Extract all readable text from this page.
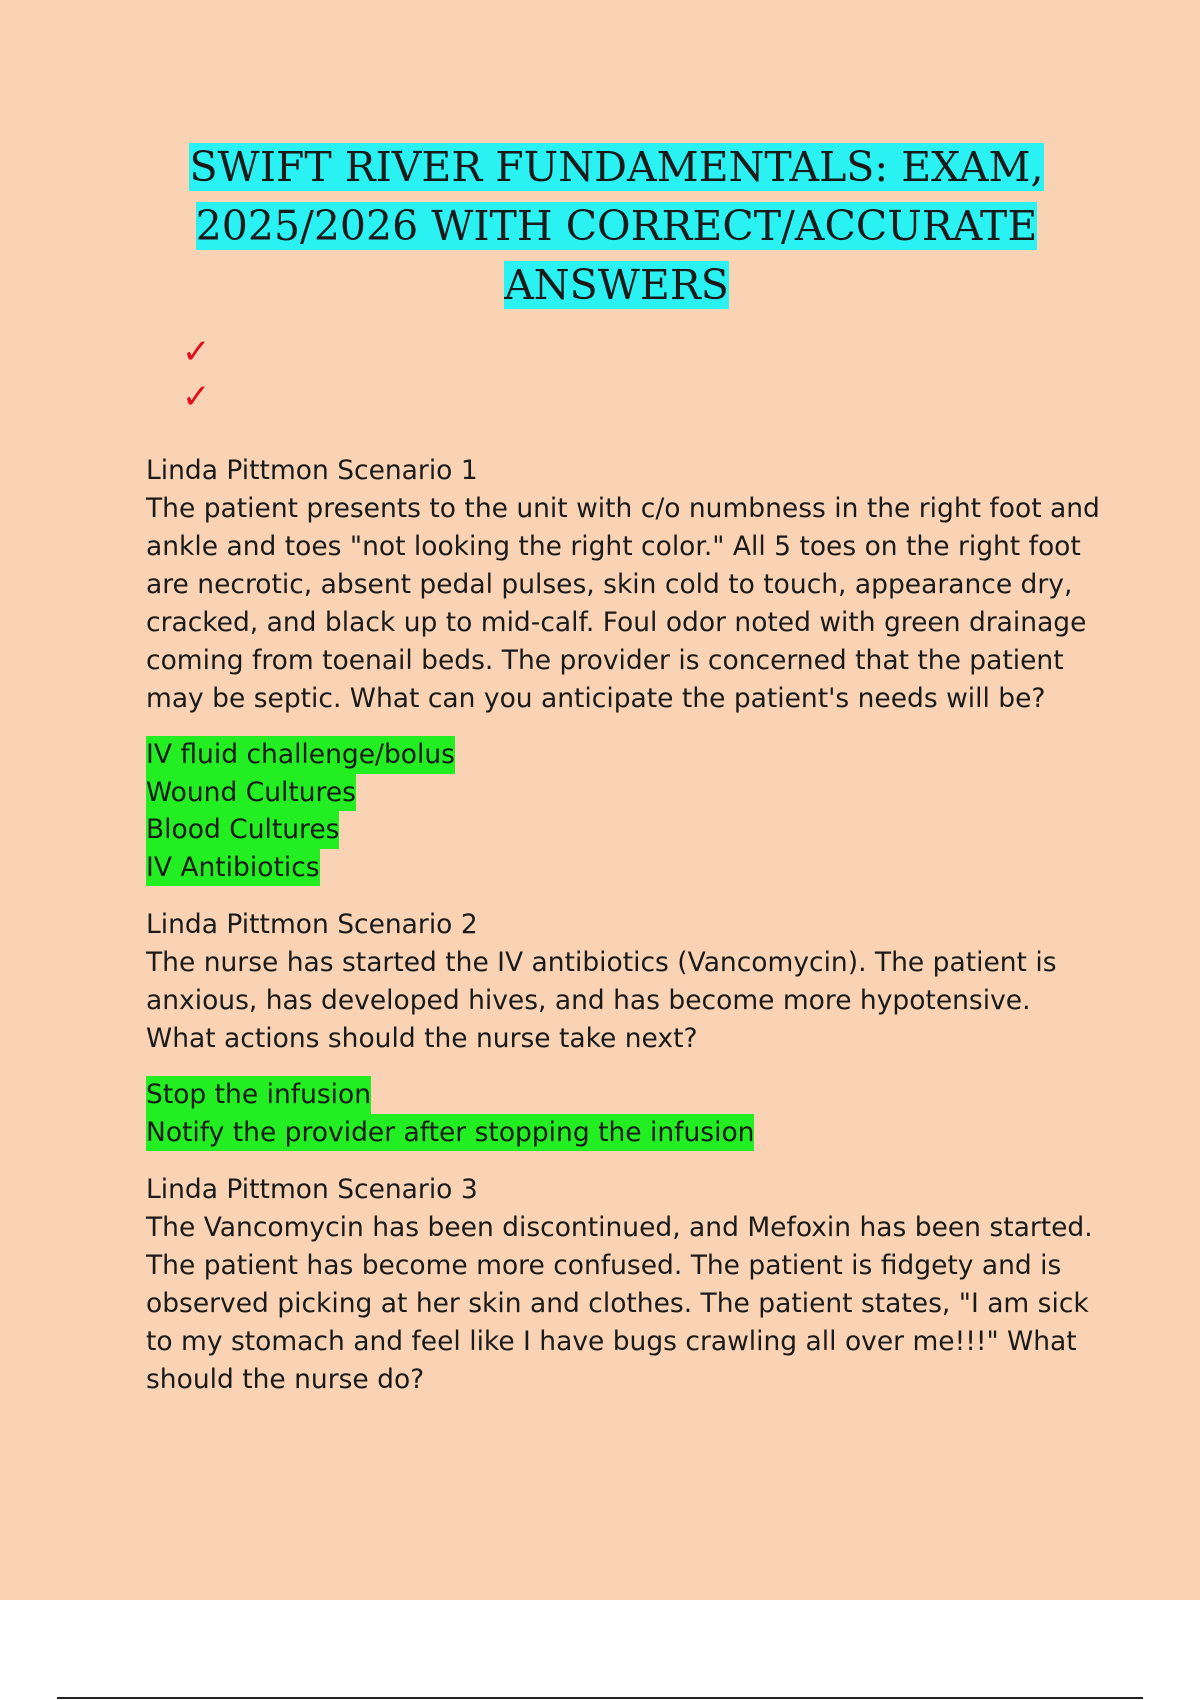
SWIFT RIVER FUNDAMENTALS: EXAM,
2025/2026 WITH CORRECT/ACCURATE
ANSWERS
✓
✓
Linda Pittmon Scenario 1
The patient presents to the unit with c/o numbness in the right foot and ankle and toes "not looking the right color." All 5 toes on the right foot are necrotic, absent pedal pulses, skin cold to touch, appearance dry, cracked, and black up to mid-calf. Foul odor noted with green drainage coming from toenail beds. The provider is concerned that the patient may be septic. What can you anticipate the patient's needs will be?
IV fluid challenge/bolus
Wound Cultures
Blood Cultures
IV Antibiotics
Linda Pittmon Scenario 2
The nurse has started the IV antibiotics (Vancomycin). The patient is anxious, has developed hives, and has become more hypotensive. What actions should the nurse take next?
Stop the infusion
Notify the provider after stopping the infusion
Linda Pittmon Scenario 3
The Vancomycin has been discontinued, and Mefoxin has been started. The patient has become more confused. The patient is fidgety and is observed picking at her skin and clothes. The patient states, "I am sick to my stomach and feel like I have bugs crawling all over me!!!" What should the nurse do?
